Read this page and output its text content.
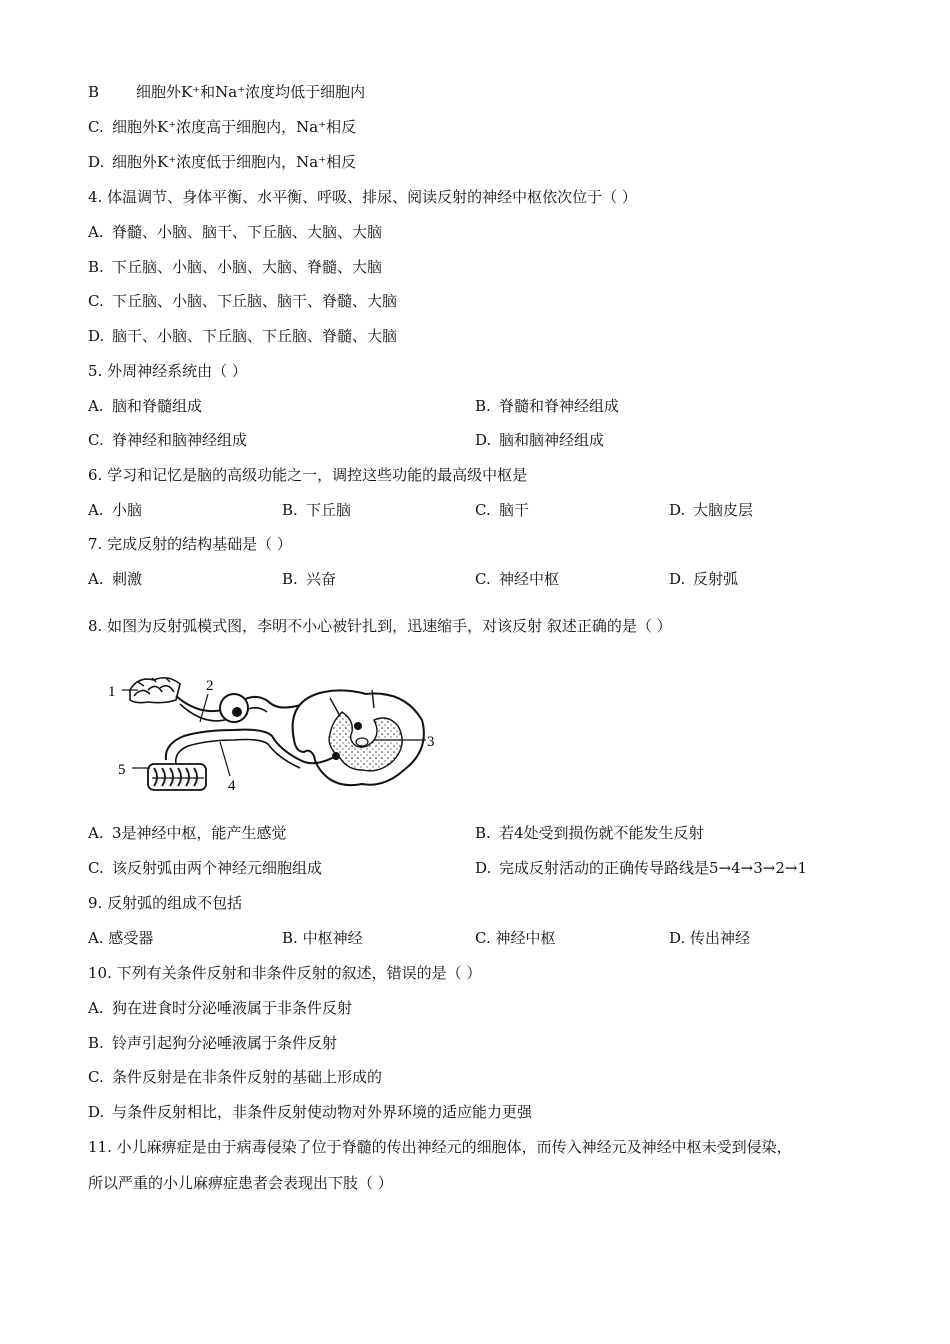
B 细胞外K⁺和Na⁺浓度均低于细胞内
C. 细胞外K⁺浓度高于细胞内，Na⁺相反
D. 细胞外K⁺浓度低于细胞内，Na⁺相反
4. 体温调节、身体平衡、水平衡、呼吸、排尿、阅读反射的神经中枢依次位于（ ）
A. 脊髓、小脑、脑干、下丘脑、大脑、大脑
B. 下丘脑、小脑、小脑、大脑、脊髓、大脑
C. 下丘脑、小脑、下丘脑、脑干、脊髓、大脑
D. 脑干、小脑、下丘脑、下丘脑、脊髓、大脑
5. 外周神经系统由（ ）
A. 脑和脊髓组成	B. 脊髓和脊神经组成
C. 脊神经和脑神经组成	D. 脑和脑神经组成
6. 学习和记忆是脑的高级功能之一，调控这些功能的最高级中枢是
A. 小脑	B. 下丘脑	C. 脑干	D. 大脑皮层
7. 完成反射的结构基础是（ ）
A. 刺激	B. 兴奋	C. 神经中枢	D. 反射弧
8. 如图为反射弧模式图，李明不小心被针扎到，迅速缩手，对该反射 叙述正确的是（ ）
1	2
3
4
5
A. 3是神经中枢，能产生感觉	B. 若4处受到损伤就不能发生反射
C. 该反射弧由两个神经元细胞组成	D. 完成反射活动的正确传导路线是5→4→3→2→1
9. 反射弧的组成不包括
A. 感受器	B. 中枢神经	C. 神经中枢	D. 传出神经
10. 下列有关条件反射和非条件反射的叙述，错误的是（ ）
A. 狗在进食时分泌唾液属于非条件反射
B. 铃声引起狗分泌唾液属于条件反射
C. 条件反射是在非条件反射的基础上形成的
D. 与条件反射相比，非条件反射使动物对外界环境的适应能力更强
11. 小儿麻痹症是由于病毒侵染了位于脊髓的传出神经元的细胞体，而传入神经元及神经中枢未受到侵染，
所以严重的小儿麻痹症患者会表现出下肢（ ）
